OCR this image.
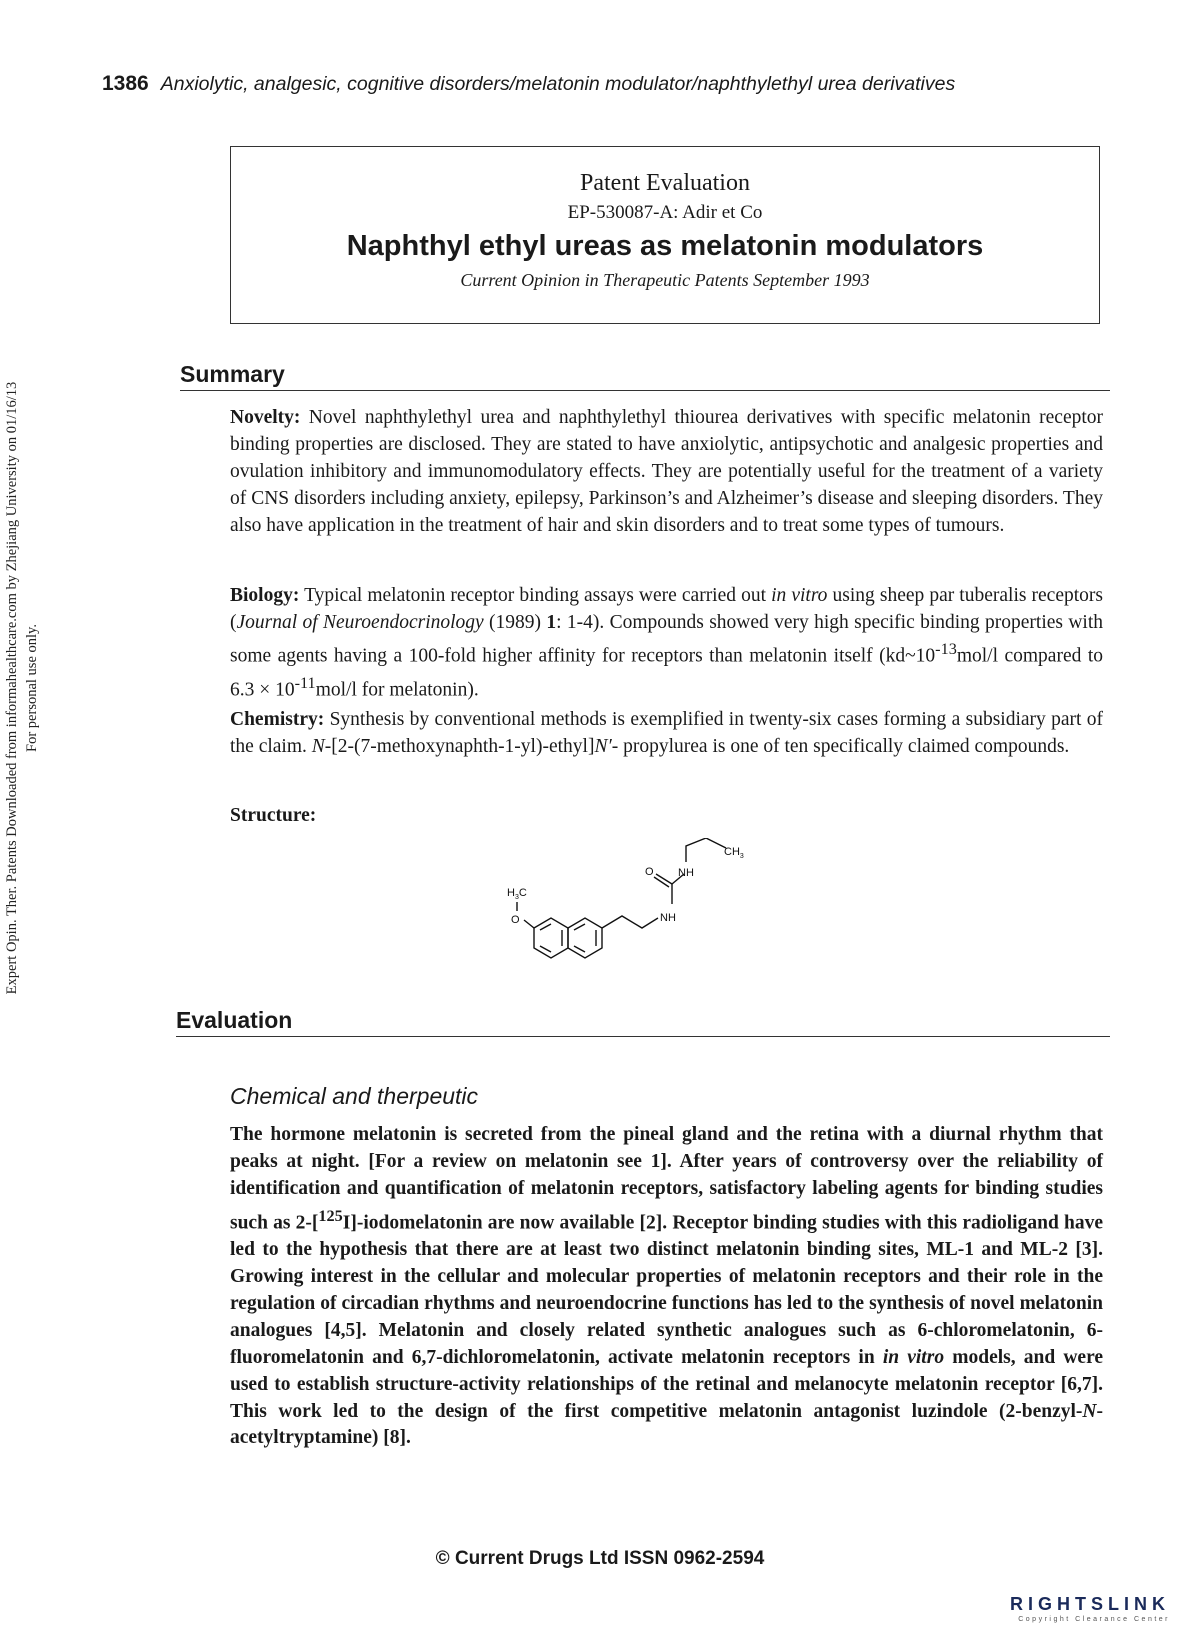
1386 Anxiolytic, analgesic, cognitive disorders/melatonin modulator/naphthylethyl urea derivatives
Expert Opin. Ther. Patents Downloaded from informahealthcare.com by Zhejiang University on 01/16/13 For personal use only.
Patent Evaluation
EP-530087-A: Adir et Co
Naphthyl ethyl ureas as melatonin modulators
Current Opinion in Therapeutic Patents September 1993
Summary

Novelty: Novel naphthylethyl urea and naphthylethyl thiourea derivatives with specific melatonin receptor binding properties are disclosed. They are stated to have anxiolytic, antipsychotic and analgesic properties and ovulation inhibitory and immunomodulatory effects. They are potentially useful for the treatment of a variety of CNS disorders including anxiety, epilepsy, Parkinson’s and Alzheimer’s disease and sleeping disorders. They also have application in the treatment of hair and skin disorders and to treat some types of tumours.

Biology: Typical melatonin receptor binding assays were carried out in vitro using sheep par tuberalis receptors (Journal of Neuroendocrinology (1989) 1: 1-4). Compounds showed very high specific binding properties with some agents having a 100-fold higher affinity for receptors than melatonin itself ($kd\sim 10^{-13}mol/l$ compared to $6.3 \times 10^{-11}mol/l$ for melatonin).

Chemistry: Synthesis by conventional methods is exemplified in twenty-six cases forming a subsidiary part of the claim. N-[2-(7-methoxynaphth-1-yl)-ethyl]N′- propylurea is one of ten specifically claimed compounds.

Structure:
$H_3C$
O
O NH
NH
$CH_3$
Evaluation
Chemical and therpeutic

The hormone melatonin is secreted from the pineal gland and the retina with a diurnal rhythm that peaks at night. [For a review on melatonin see 1]. After years of controversy over the reliability of identification and quantification of melatonin receptors, satisfactory labeling agents for binding studies such as 2-[$^{125}$I]-iodomelatonin are now available [2]. Receptor binding studies with this radioligand have led to the hypothesis that there are at least two distinct melatonin binding sites, ML-1 and ML-2 [3]. Growing interest in the cellular and molecular properties of melatonin receptors and their role in the regulation of circadian rhythms and neuroendocrine functions has led to the synthesis of novel melatonin analogues [4,5]. Melatonin and closely related synthetic analogues such as 6-chloromelatonin, 6-fluoromelatonin and 6,7-dichloromelatonin, activate melatonin receptors in in vitro models, and were used to establish structure-activity relationships of the retinal and melanocyte melatonin receptor [6,7]. This work led to the design of the first competitive melatonin antagonist luzindole (2-benzyl-N-acetyltryptamine) [8].

© Current Drugs Ltd ISSN 0962-2594
RIGHTSLINK
Copyright Clearance Center
